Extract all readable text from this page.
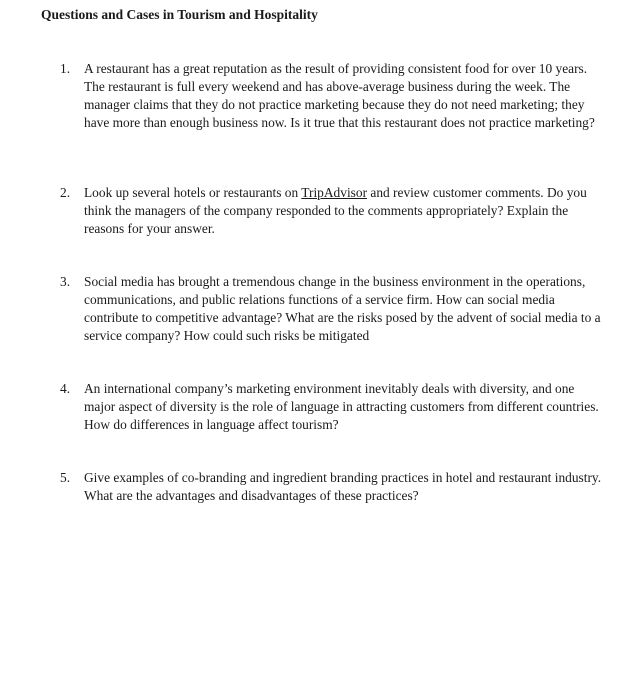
Questions and Cases in Tourism and Hospitality
1.	A restaurant has a great reputation as the result of providing consistent food for over 10 years. The restaurant is full every weekend and has above-average business during the week. The manager claims that they do not practice marketing because they do not need marketing; they have more than enough business now. Is it true that this restaurant does not practice marketing?
2.	Look up several hotels or restaurants on TripAdvisor and review customer comments. Do you think the managers of the company responded to the comments appropriately? Explain the reasons for your answer.
3.	Social media has brought a tremendous change in the business environment in the operations, communications, and public relations functions of a service firm. How can social media contribute to competitive advantage? What are the risks posed by the advent of social media to a service company? How could such risks be mitigated
4.	An international company’s marketing environment inevitably deals with diversity, and one major aspect of diversity is the role of language in attracting customers from different countries. How do differences in language affect tourism?
5.	Give examples of co-branding and ingredient branding practices in hotel and restaurant industry. What are the advantages and disadvantages of these practices?
